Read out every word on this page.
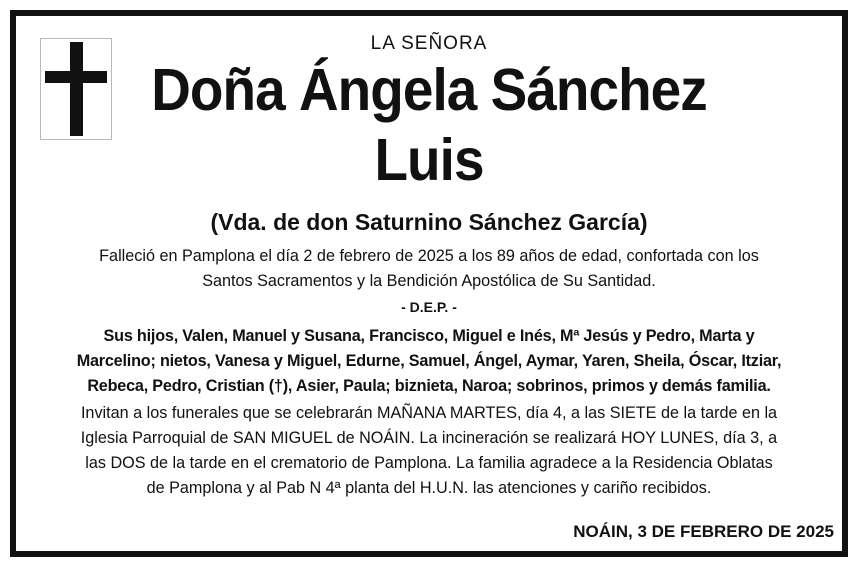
LA SEÑORA
Doña Ángela Sánchez
Luis
(Vda. de don Saturnino Sánchez García)
Falleció en Pamplona el día 2 de febrero de 2025 a los 89 años de edad, confortada con los
Santos Sacramentos y la Bendición Apostólica de Su Santidad.
- D.E.P. -
Sus hijos, Valen, Manuel y Susana, Francisco, Miguel e Inés, Mª Jesús y Pedro, Marta y
Marcelino; nietos, Vanesa y Miguel, Edurne, Samuel, Ángel, Aymar, Yaren, Sheila, Óscar, Itziar,
Rebeca, Pedro, Cristian (†), Asier, Paula; biznieta, Naroa; sobrinos, primos y demás familia.
Invitan a los funerales que se celebrarán MAÑANA MARTES, día 4, a las SIETE de la tarde en la
Iglesia Parroquial de SAN MIGUEL de NOÁIN. La incineración se realizará HOY LUNES, día 3, a
las DOS de la tarde en el crematorio de Pamplona. La familia agradece a la Residencia Oblatas
de Pamplona y al Pab N 4ª planta del H.U.N. las atenciones y cariño recibidos.
NOÁIN, 3 DE FEBRERO DE 2025
